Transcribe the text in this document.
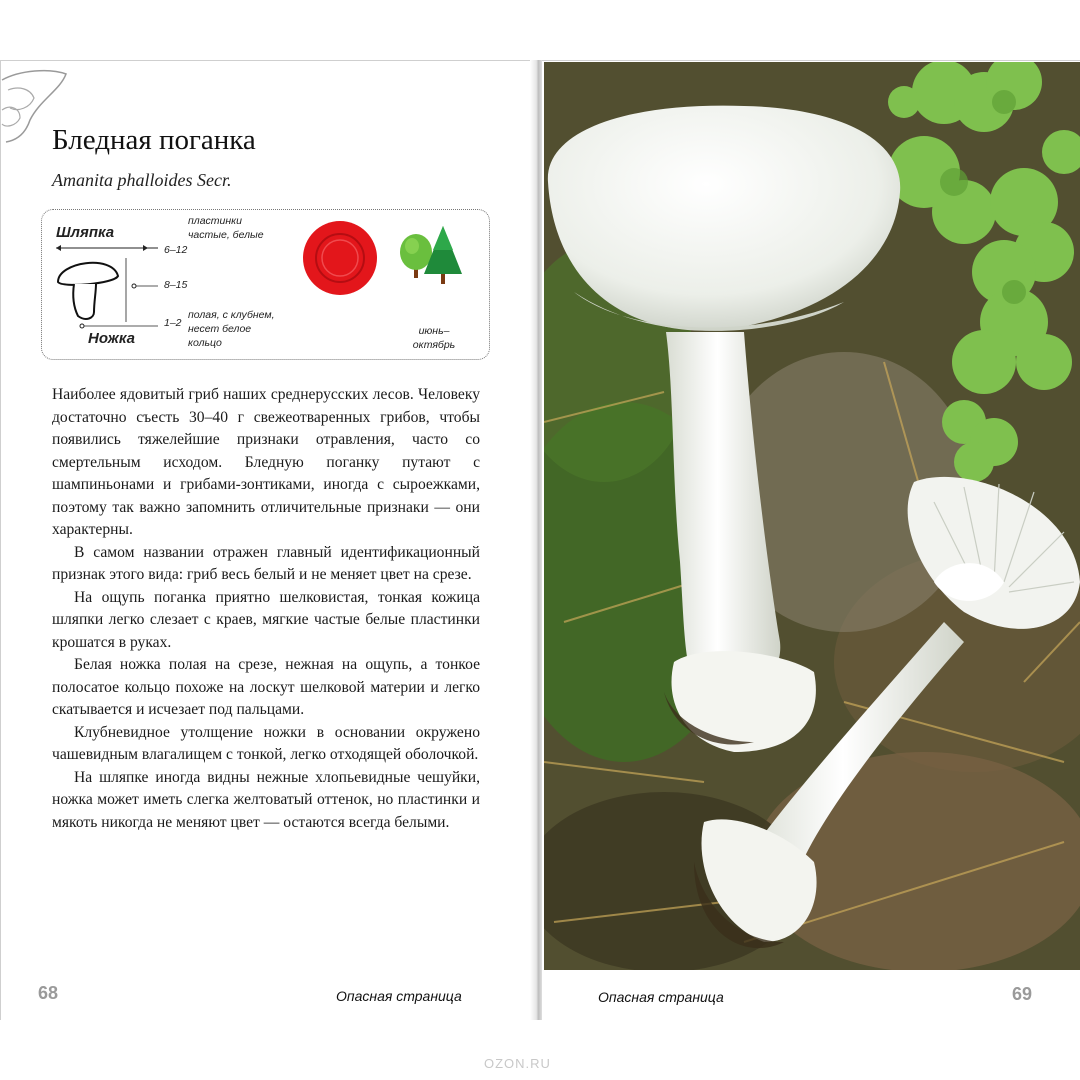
Бледная поганка

Amanita phalloides Secr.

Шляпка
6–12
8–15
1–2
Ножка
пластинки
частые, белые
полая, с клубнем,
несет белое
кольцо
июнь–
октябрь

Наиболее ядовитый гриб наших среднерусских лесов. Человеку достаточно съесть 30–40 г свежеотваренных грибов, чтобы появились тяжелейшие признаки отравления, часто со смертельным исходом. Бледную поганку путают с шампиньонами и грибами-зонтиками, иногда с сыроежками, поэтому так важно запомнить отличительные признаки — они характерны.

В самом названии отражен главный идентификационный признак этого вида: гриб весь белый и не меняет цвет на срезе.

На ощупь поганка приятно шелковистая, тонкая кожица шляпки легко слезает с краев, мягкие частые белые пластинки крошатся в руках.

Белая ножка полая на срезе, нежная на ощупь, а тонкое полосатое кольцо похоже на лоскут шелковой материи и легко скатывается и исчезает под пальцами.

Клубневидное утолщение ножки в основании окружено чашевидным влагалищем с тонкой, легко отходящей оболочкой.

На шляпке иногда видны нежные хлопьевидные чешуйки, ножка может иметь слегка желтоватый оттенок, но пластинки и мякоть никогда не меняют цвет — остаются всегда белыми.

68	Опасная страница	Опасная страница	69
OZON.RU
